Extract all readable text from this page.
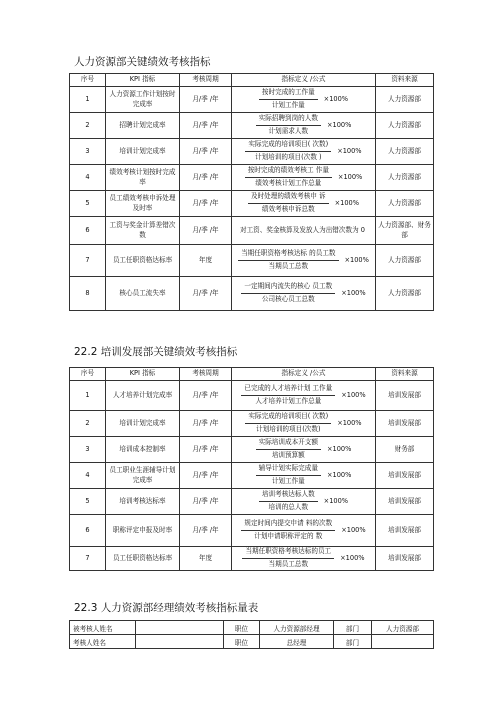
人力资源部关键绩效考核指标
序号	KPI 指标	考核周期	指标定义 /公式	资料来源
1	人力资源工作计划按时完成率	月/季 /年	$\frac{\text{按时完成的工作量}}{\text{计划工作量}} \times 100\%$	人力资源部
2	招聘计划完成率	月/季 /年	$\frac{\text{实际招聘到岗的人数}}{\text{计划需求人数}} \times 100\%$	人力资源部
3	培训计划完成率	月/季 /年	$\frac{\text{实际完成的培训项目( 次数)}}{\text{计划培训的项目(次数 )}} \times 100\%$	人力资源部
4	绩效考核计划按时完成率	月/季 /年	$\frac{\text{按时完成的绩效考核工 作量}}{\text{绩效考核计划工作总量}} \times 100\%$	人力资源部
5	员工绩效考核申诉处理及时率	月/季 /年	$\frac{\text{及时处理的绩效考核申 诉}}{\text{绩效考核申诉总数}} \times 100\%$	人力资源部
6	工资与奖金计算差错次数	月/季 /年	对工资、奖金核算及发放人为出错次数为 0	人力资源部、财务部
7	员工任职资格达标率	年度	$\frac{\text{当期任职资格考核达标 的员工数}}{\text{当期员工总数}} \times 100\%$	人力资源部
8	核心员工流失率	月/季 /年	$\frac{\text{一定期间内流失的核心 员工数}}{\text{公司核心员工总数}} \times 100\%$	人力资源部
22.2 培训发展部关键绩效考核指标
序号	KPI 指标	考核周期	指标定义 /公式	资料来源
1	人才培养计划完成率	月/季 /年	$\frac{\text{已完成的人才培养计划 工作量}}{\text{人才培养计划工作总量}} \times 100\%$	培训发展部
2	培训计划完成率	月/季 /年	$\frac{\text{实际完成的培训项目( 次数)}}{\text{计划培训的项目(次数)}} \times 100\%$	培训发展部
3	培训成本控制率	月/季 /年	$\frac{\text{实际培训成本开支额}}{\text{培训预算额}} \times 100\%$	财务部
4	员工职业生涯辅导计划完成率	月/季 /年	$\frac{\text{辅导计划实际完成量}}{\text{计划工作量}} \times 100\%$	培训发展部
5	培训考核达标率	月/季 /年	$\frac{\text{培训考核达标人数}}{\text{培训的总人数}} \times 100\%$	培训发展部
6	职称评定申报及时率	月/季 /年	$\frac{\text{规定时间内提交申请 料的次数}}{\text{计划申请职称评定的 数}} \times 100\%$	培训发展部
7	员工任职资格达标率	年度	$\frac{\text{当期任职资格考核达标的员工}}{\text{当期员工总数}} \times 100\%$	培训发展部
22.3 人力资源部经理绩效考核指标量表
被考核人姓名		职位	人力资源部经理	部门	人力资源部
考核人姓名		职位	总经理	部门	
